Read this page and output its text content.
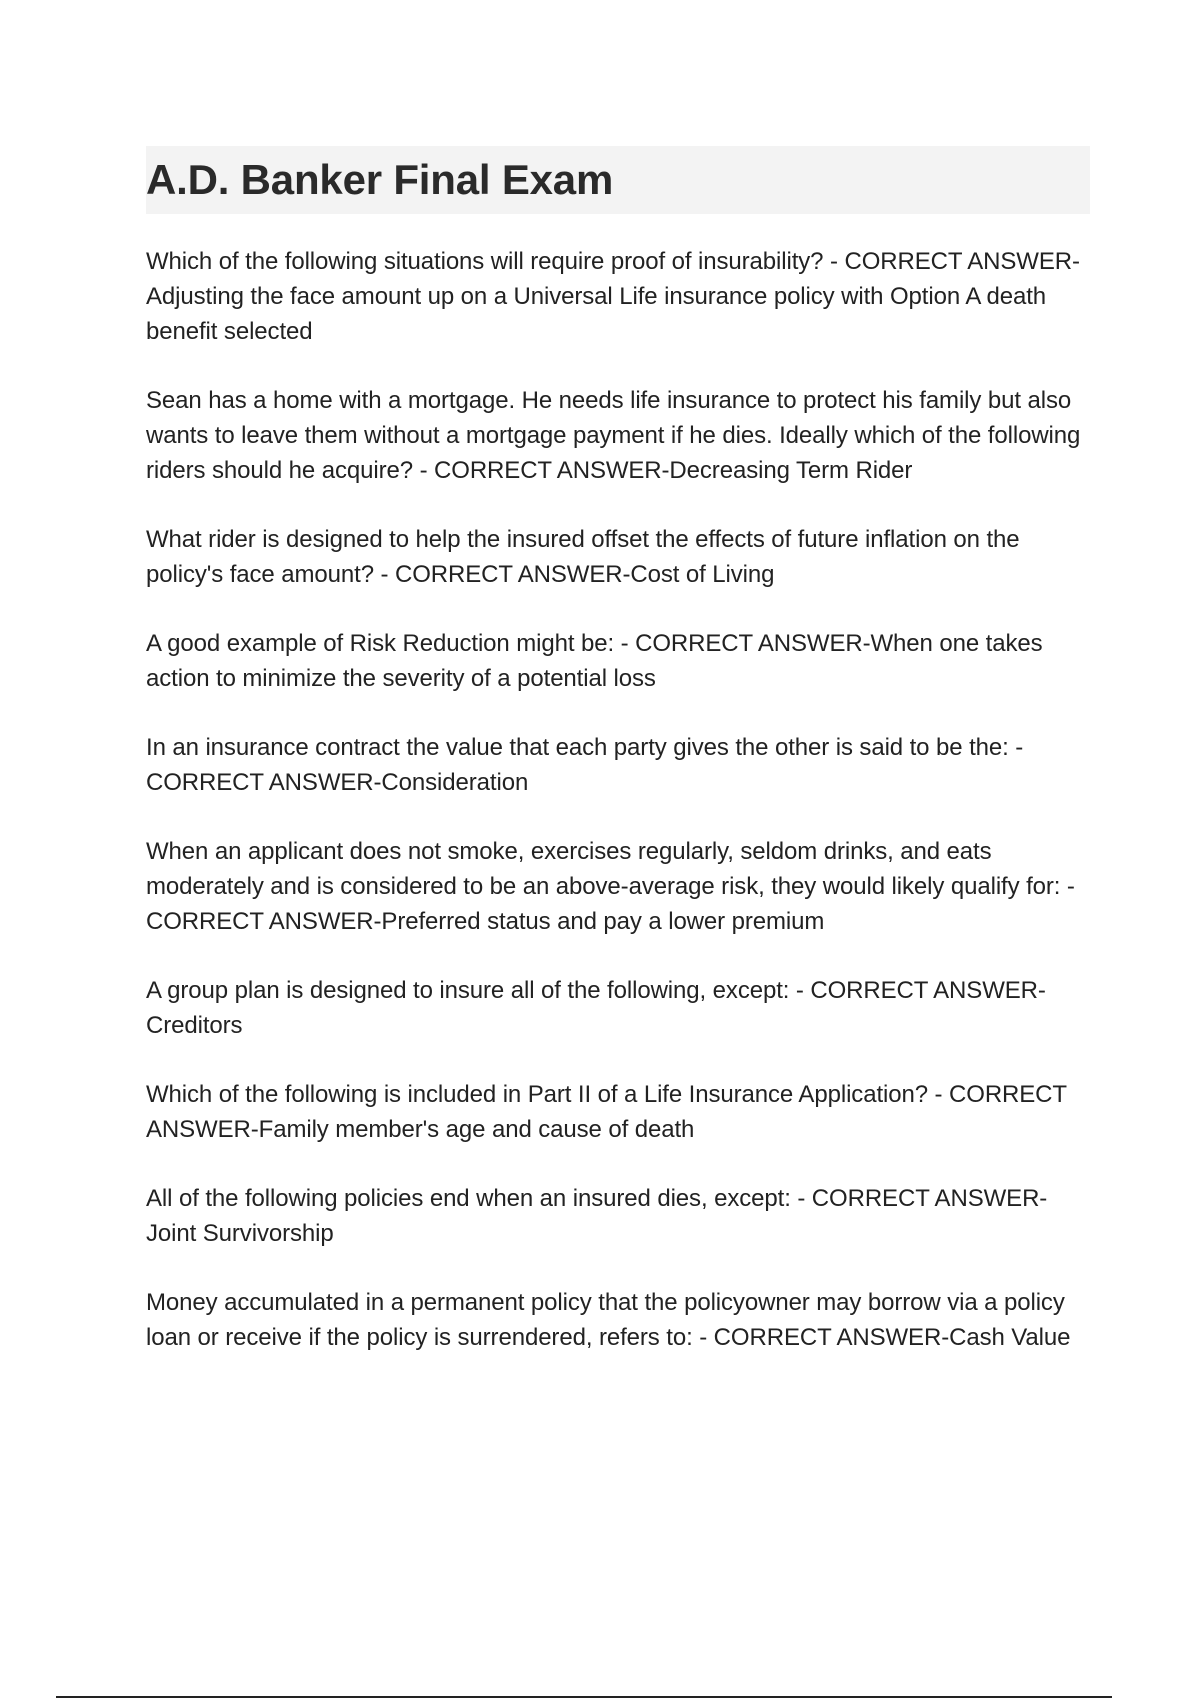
A.D. Banker Final Exam

Which of the following situations will require proof of insurability? - CORRECT ANSWER-Adjusting the face amount up on a Universal Life insurance policy with Option A death benefit selected

Sean has a home with a mortgage. He needs life insurance to protect his family but also wants to leave them without a mortgage payment if he dies. Ideally which of the following riders should he acquire? - CORRECT ANSWER-Decreasing Term Rider

What rider is designed to help the insured offset the effects of future inflation on the policy's face amount? - CORRECT ANSWER-Cost of Living

A good example of Risk Reduction might be: - CORRECT ANSWER-When one takes action to minimize the severity of a potential loss

In an insurance contract the value that each party gives the other is said to be the: - CORRECT ANSWER-Consideration

When an applicant does not smoke, exercises regularly, seldom drinks, and eats moderately and is considered to be an above-average risk, they would likely qualify for: - CORRECT ANSWER-Preferred status and pay a lower premium

A group plan is designed to insure all of the following, except: - CORRECT ANSWER-Creditors

Which of the following is included in Part II of a Life Insurance Application? - CORRECT ANSWER-Family member's age and cause of death

All of the following policies end when an insured dies, except: - CORRECT ANSWER-Joint Survivorship

Money accumulated in a permanent policy that the policyowner may borrow via a policy loan or receive if the policy is surrendered, refers to: - CORRECT ANSWER-Cash Value
